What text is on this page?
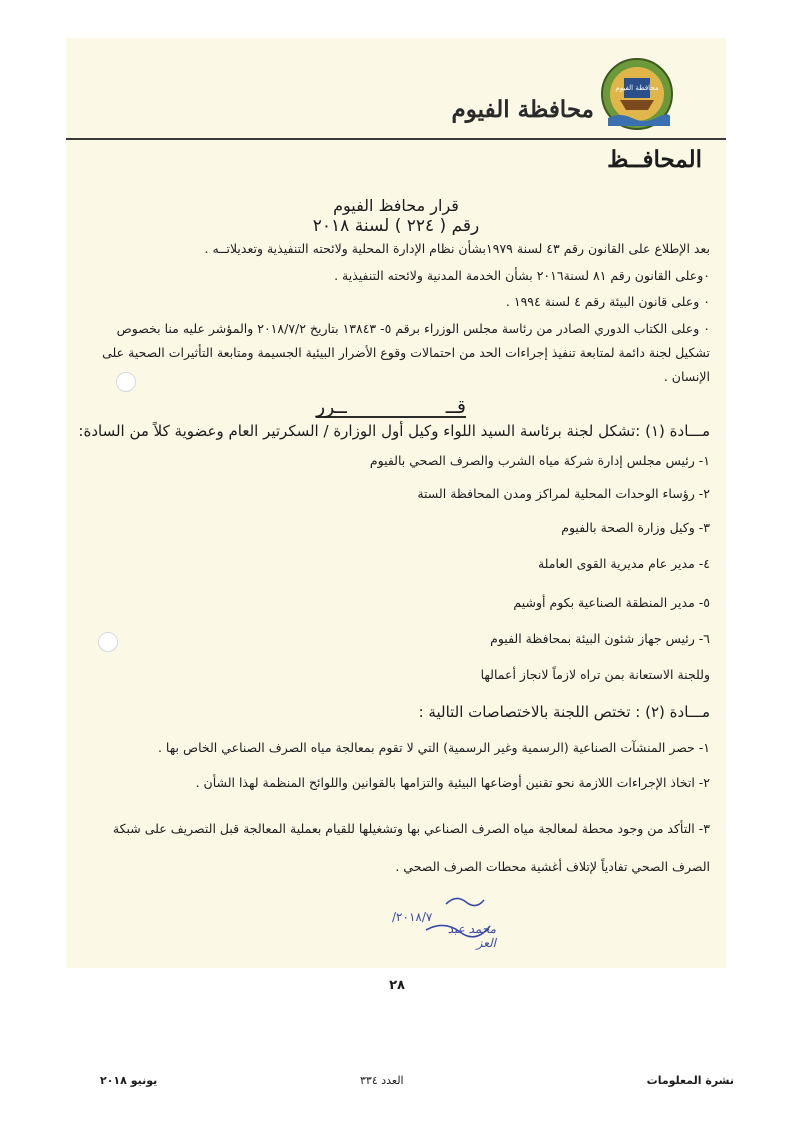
محافظة الفيوم
محافظة الفيوم
المحافــظ
قرار محافظ الفيوم
رقم ( ٢٢٤ ) لسنة ٢٠١٨
بعد الإطلاع على القانون رقم ٤٣ لسنة ١٩٧٩بشأن نظام الإدارة المحلية ولائحته التنفيذية وتعديلاتــه .
٠وعلى القانون رقم ٨١ لسنة٢٠١٦ بشأن الخدمة المدنية ولائحته التنفيذية .
٠ وعلى قانون البيئة رقم ٤ لسنة ١٩٩٤ .
٠ وعلى الكتاب الدوري الصادر من رئاسة مجلس الوزراء برقم ٥- ١٣٨٤٣ بتاريخ ٢٠١٨/٧/٢ والمؤشر عليه منا بخصوص تشكيل لجنة دائمة لمتابعة تنفيذ إجراءات الحد من احتمالات وقوع الأضرار البيئية الجسيمة ومتابعة التأثيرات الصحية على الإنسان .
قــ
ــرر
مـــادة (١) :تشكل لجنة برئاسة السيد اللواء وكيل أول الوزارة / السكرتير العام وعضوية كلاً من السادة:
١- رئيس مجلس إدارة شركة مياه الشرب والصرف الصحي بالفيوم
٢- رؤساء الوحدات المحلية لمراكز ومدن المحافظة الستة
٣- وكيل وزارة الصحة بالفيوم
٤- مدير عام مديرية القوى العاملة
٥- مدير المنطقة الصناعية بكوم أوشيم
٦- رئيس جهاز شئون البيئة بمحافظة الفيوم
وللجنة الاستعانة بمن تراه لازماً لانجاز أعمالها
مـــادة (٢) : تختص اللجنة بالاختصاصات التالية :
١- حصر المنشآت الصناعية (الرسمية وغير الرسمية) التي لا تقوم بمعالجة مياه الصرف الصناعي الخاص بها .
٢- اتخاذ الإجراءات اللازمة نحو تقنين أوضاعها البيئية والتزامها بالقوانين واللوائح المنظمة لهذا الشأن .
٣- التأكد من وجود محطة لمعالجة مياه الصرف الصناعي بها وتشغيلها للقيام بعملية المعالجة قبل التصريف على شبكة الصرف الصحي تفادياً لإتلاف أغشية محطات الصرف الصحي .
٢٠١٨/٧/
محمد عبد العز
٢٨
نشرة المعلومات
العدد ٣٣٤
يونيو ٢٠١٨
